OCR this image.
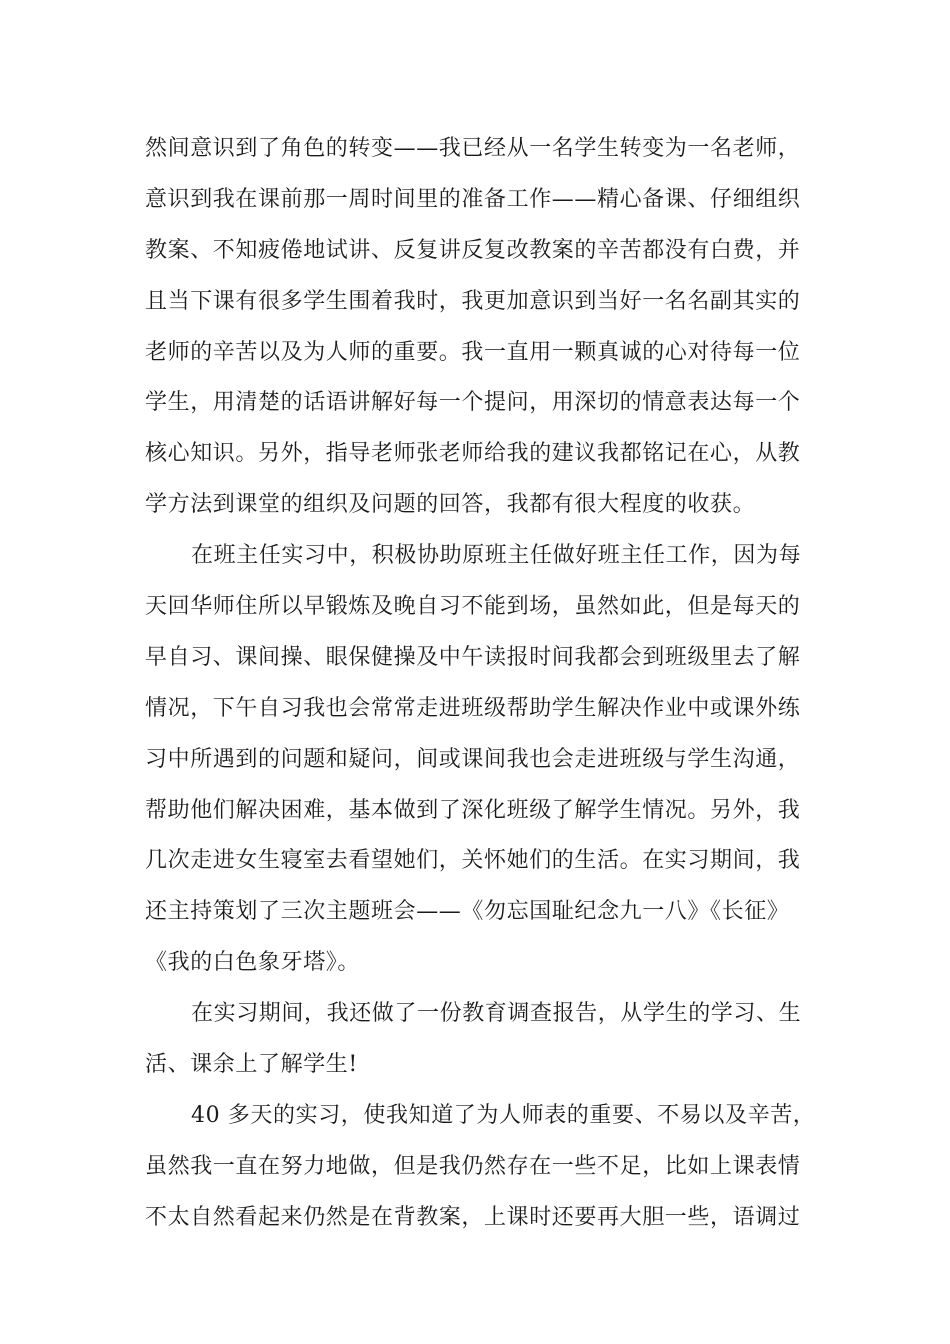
然间意识到了角色的转变——我已经从一名学生转变为一名老师，
意识到我在课前那一周时间里的准备工作——精心备课、仔细组织
教案、不知疲倦地试讲、反复讲反复改教案的辛苦都没有白费，并
且当下课有很多学生围着我时，我更加意识到当好一名名副其实的
老师的辛苦以及为人师的重要。我一直用一颗真诚的心对待每一位
学生，用清楚的话语讲解好每一个提问，用深切的情意表达每一个
核心知识。另外，指导老师张老师给我的建议我都铭记在心，从教
学方法到课堂的组织及问题的回答，我都有很大程度的收获。
在班主任实习中，积极协助原班主任做好班主任工作，因为每
天回华师住所以早锻炼及晚自习不能到场，虽然如此，但是每天的
早自习、课间操、眼保健操及中午读报时间我都会到班级里去了解
情况，下午自习我也会常常走进班级帮助学生解决作业中或课外练
习中所遇到的问题和疑问，间或课间我也会走进班级与学生沟通，
帮助他们解决困难，基本做到了深化班级了解学生情况。另外，我
几次走进女生寝室去看望她们，关怀她们的生活。在实习期间，我
还主持策划了三次主题班会——《勿忘国耻纪念九一八》《长征》
《我的白色象牙塔》。
在实习期间，我还做了一份教育调查报告，从学生的学习、生
活、课余上了解学生!
40 多天的实习，使我知道了为人师表的重要、不易以及辛苦，
虽然我一直在努力地做，但是我仍然存在一些不足，比如上课表情
不太自然看起来仍然是在背教案，上课时还要再大胆一些，语调过
